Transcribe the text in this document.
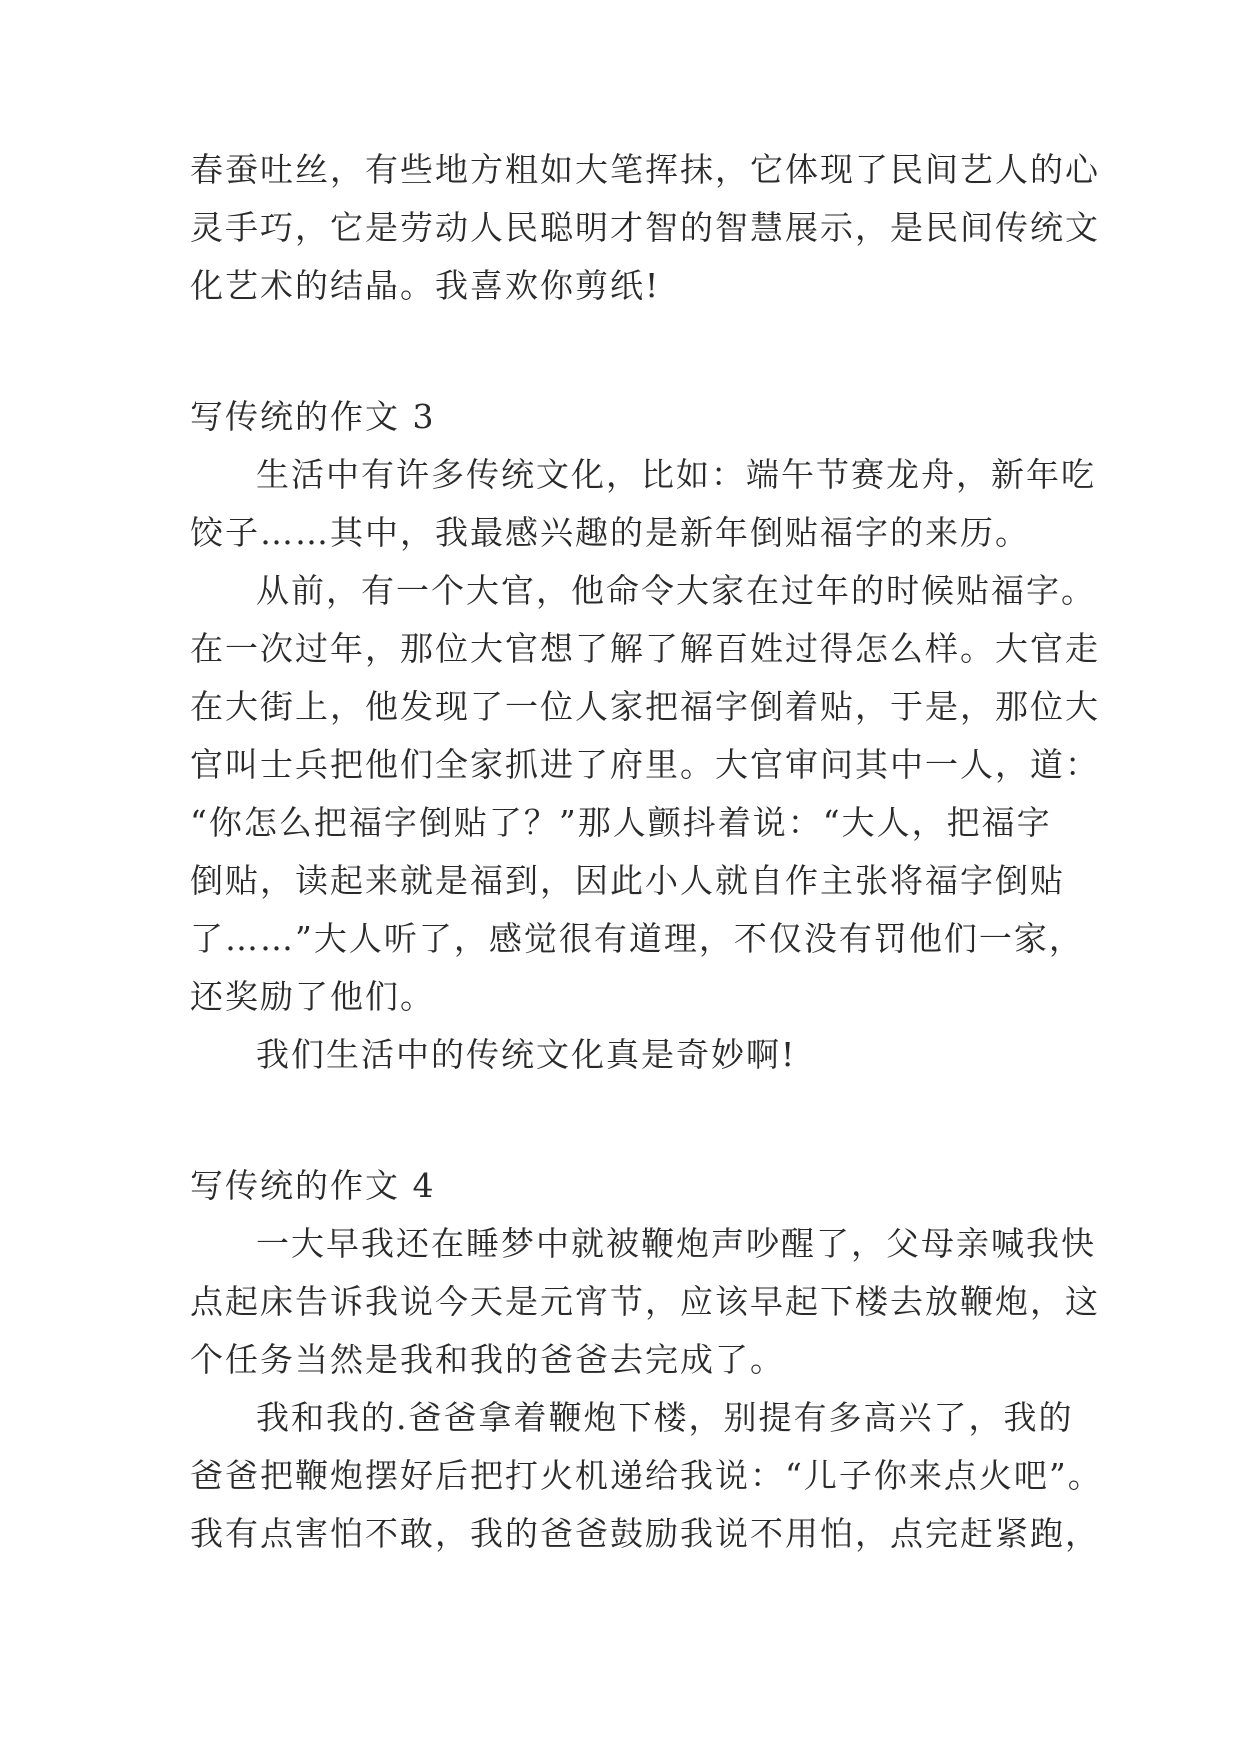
春蚕吐丝，有些地方粗如大笔挥抹，它体现了民间艺人的心
灵手巧，它是劳动人民聪明才智的智慧展示，是民间传统文
化艺术的结晶。我喜欢你剪纸!
写传统的作文 3
生活中有许多传统文化，比如：端午节赛龙舟，新年吃
饺子……其中，我最感兴趣的是新年倒贴福字的来历。
从前，有一个大官，他命令大家在过年的时候贴福字。
在一次过年，那位大官想了解了解百姓过得怎么样。大官走
在大街上，他发现了一位人家把福字倒着贴，于是，那位大
官叫士兵把他们全家抓进了府里。大官审问其中一人，道：
“你怎么把福字倒贴了？”那人颤抖着说：“大人，把福字
倒贴，读起来就是福到，因此小人就自作主张将福字倒贴
了……”大人听了，感觉很有道理，不仅没有罚他们一家，
还奖励了他们。
我们生活中的传统文化真是奇妙啊!
写传统的作文 4
一大早我还在睡梦中就被鞭炮声吵醒了，父母亲喊我快
点起床告诉我说今天是元宵节，应该早起下楼去放鞭炮，这
个任务当然是我和我的爸爸去完成了。
我和我的.爸爸拿着鞭炮下楼，别提有多高兴了，我的
爸爸把鞭炮摆好后把打火机递给我说：“儿子你来点火吧”。
我有点害怕不敢，我的爸爸鼓励我说不用怕，点完赶紧跑，
